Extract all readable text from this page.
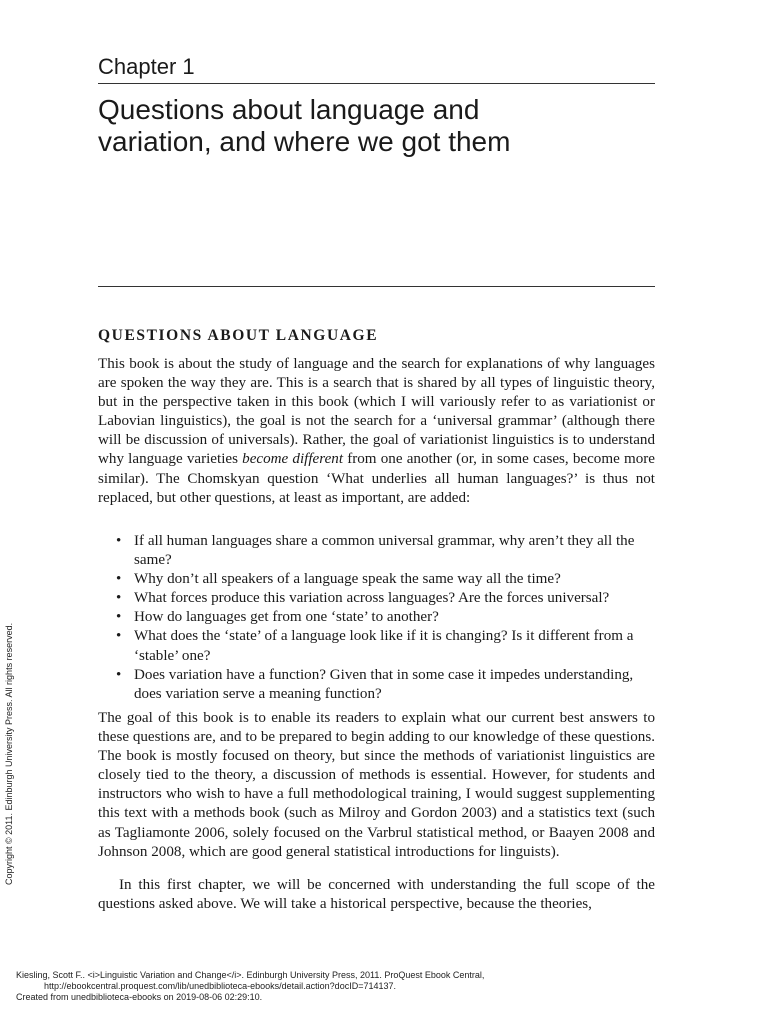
Chapter 1
Questions about language and
variation, and where we got them
QUESTIONS ABOUT LANGUAGE

This book is about the study of language and the search for explanations of why languages are spoken the way they are. This is a search that is shared by all types of linguistic theory, but in the perspective taken in this book (which I will variously refer to as variationist or Labovian linguistics), the goal is not the search for a ‘universal grammar’ (although there will be discussion of universals). Rather, the goal of variationist linguistics is to understand why language varieties become different from one another (or, in some cases, become more similar). The Chomskyan question ‘What underlies all human languages?’ is thus not replaced, but other questions, at least as important, are added:

• If all human languages share a common universal grammar, why aren’t they all the same?
• Why don’t all speakers of a language speak the same way all the time?
• What forces produce this variation across languages? Are the forces universal?
• How do languages get from one ‘state’ to another?
• What does the ‘state’ of a language look like if it is changing? Is it different from a ‘stable’ one?
• Does variation have a function? Given that in some case it impedes understanding, does variation serve a meaning function?

The goal of this book is to enable its readers to explain what our current best answers to these questions are, and to be prepared to begin adding to our knowledge of these questions. The book is mostly focused on theory, but since the methods of variationist linguistics are closely tied to the theory, a discussion of methods is essential. However, for students and instructors who wish to have a full methodological training, I would suggest supplementing this text with a methods book (such as Milroy and Gordon 2003) and a statistics text (such as Tagliamonte 2006, solely focused on the Varbrul statistical method, or Baayen 2008 and Johnson 2008, which are good general statistical introductions for linguists).

In this first chapter, we will be concerned with understanding the full scope of the questions asked above. We will take a historical perspective, because the theories,

Copyright © 2011. Edinburgh University Press. All rights reserved.
Kiesling, Scott F.. <i>Linguistic Variation and Change</i>. Edinburgh University Press, 2011. ProQuest Ebook Central,
http://ebookcentral.proquest.com/lib/unedbiblioteca-ebooks/detail.action?docID=714137.
Created from unedbiblioteca-ebooks on 2019-08-06 02:29:10.
